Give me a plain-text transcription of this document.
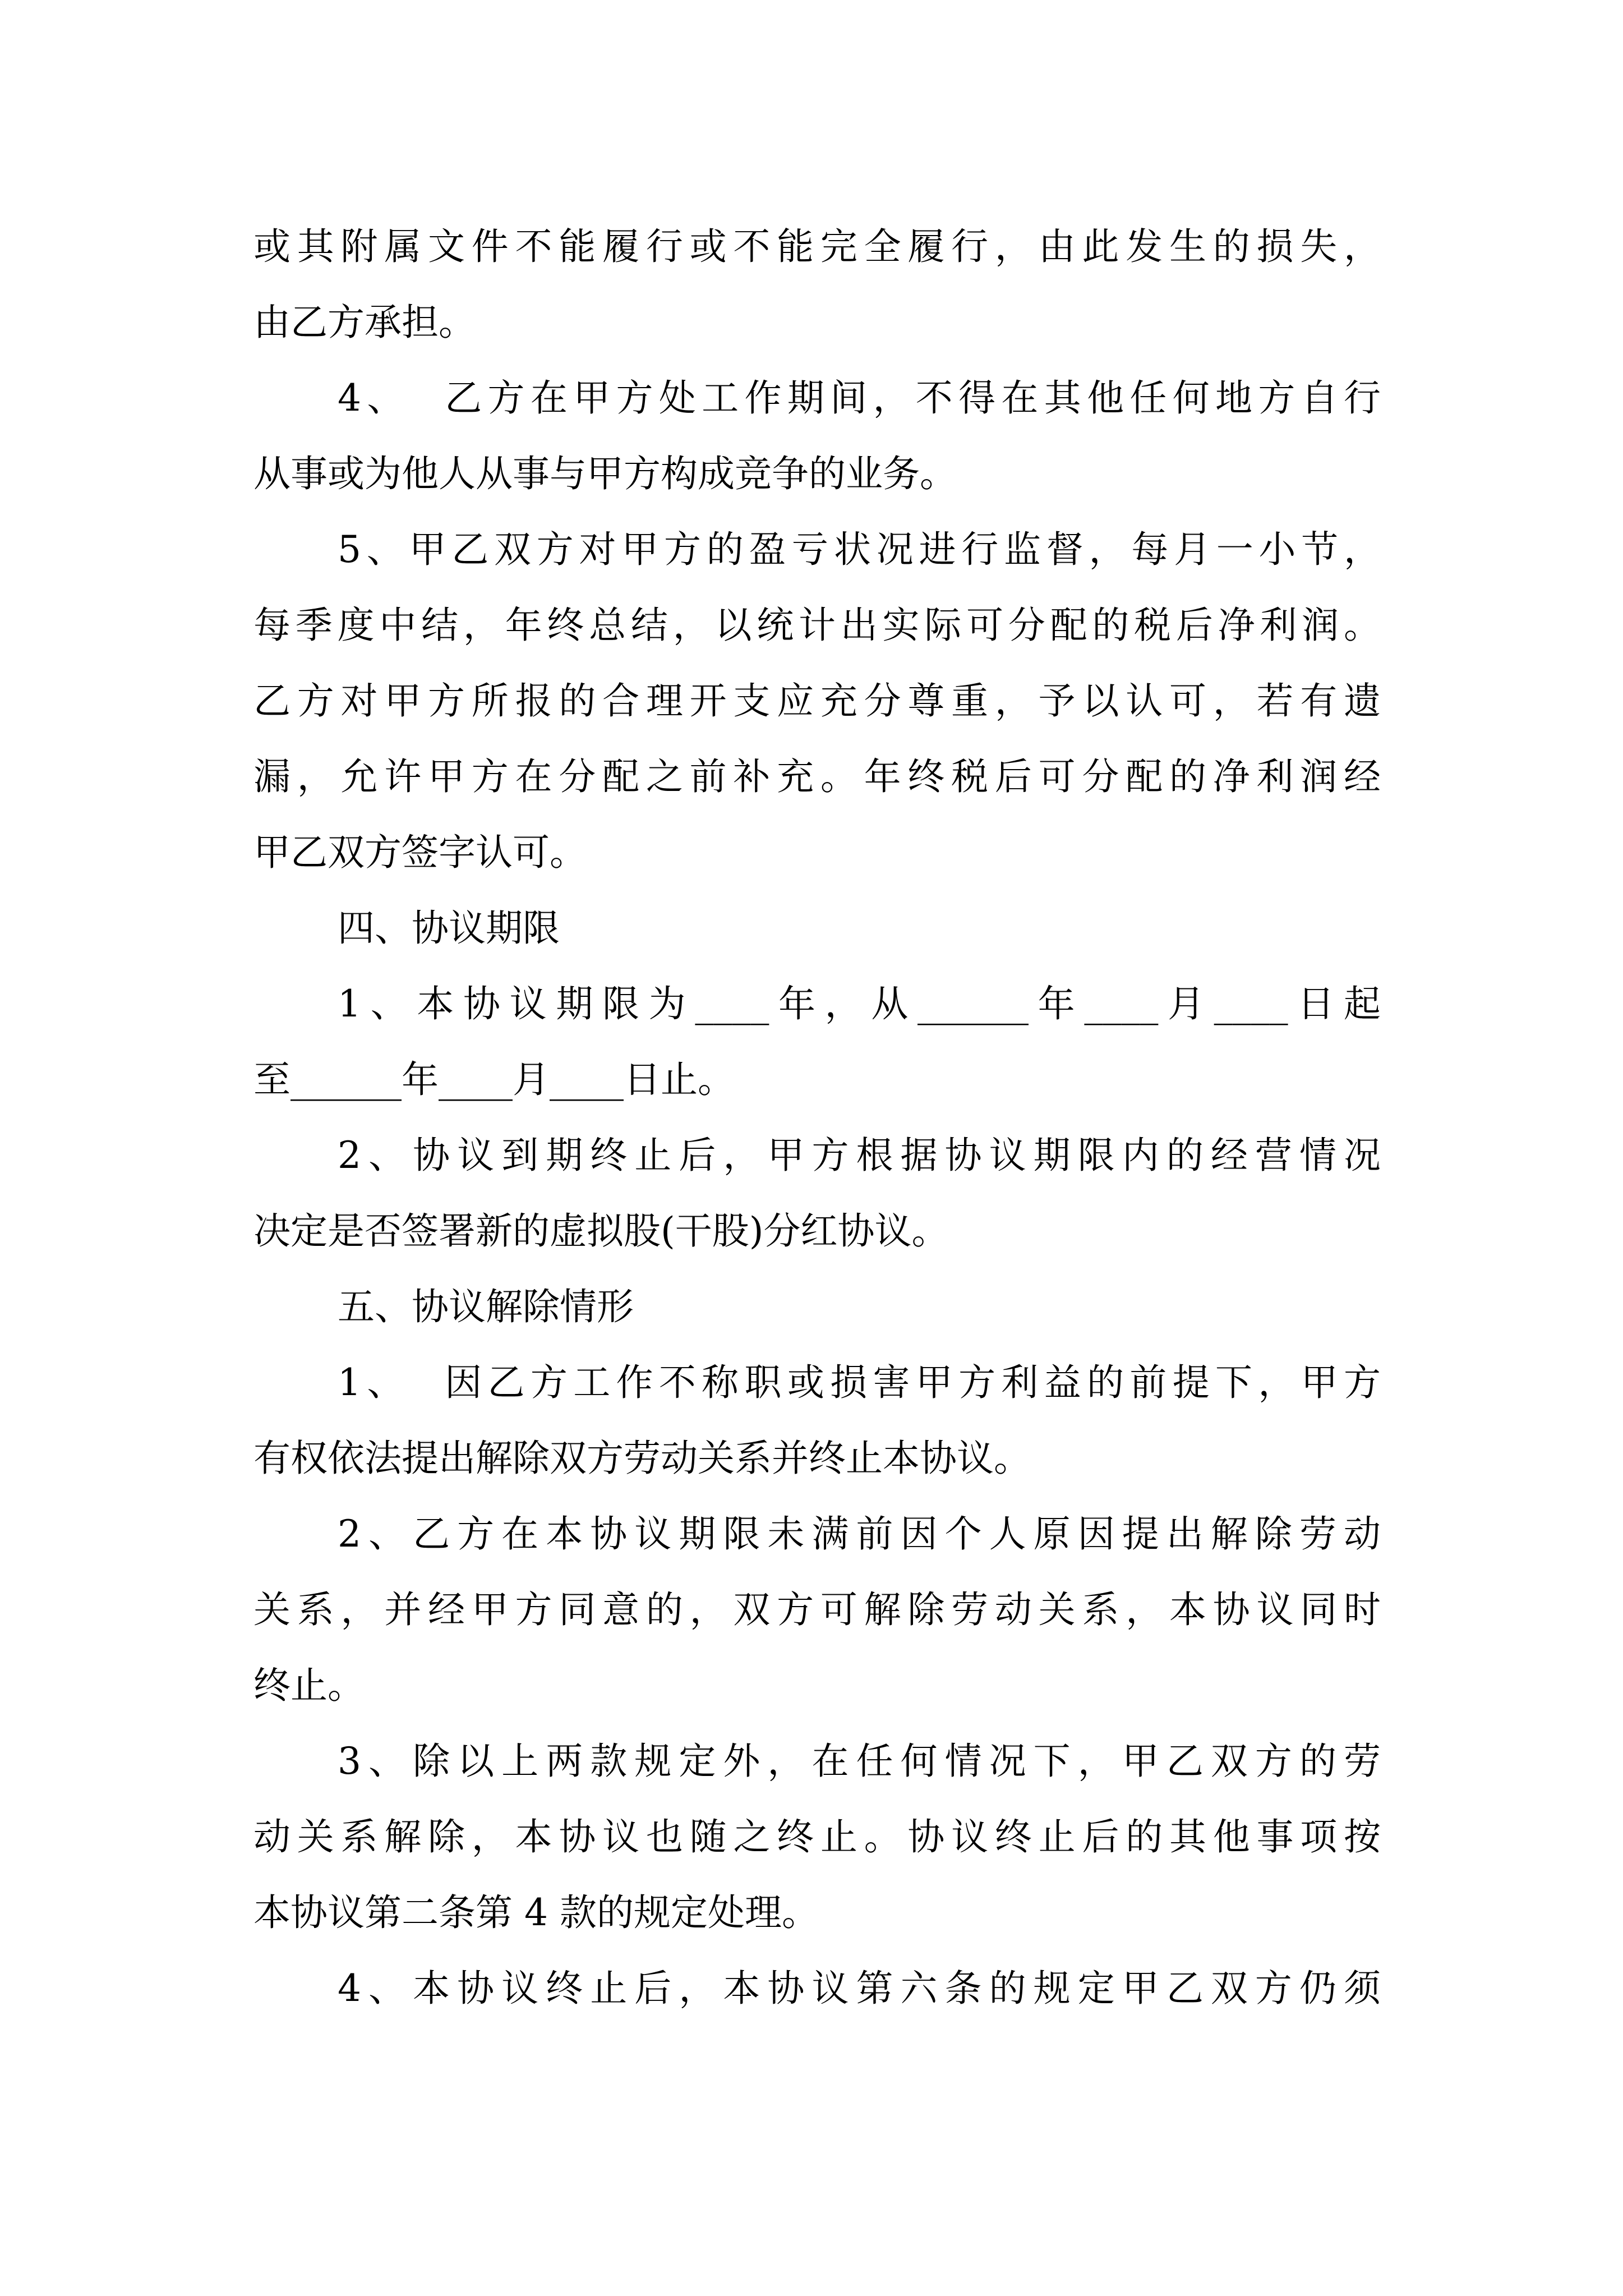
或其附属文件不能履行或不能完全履行，由此发生的损失，
由乙方承担。
4、  乙方在甲方处工作期间，不得在其他任何地方自行
从事或为他人从事与甲方构成竞争的业务。
5、甲乙双方对甲方的盈亏状况进行监督，每月一小节，
每季度中结，年终总结，以统计出实际可分配的税后净利润。
乙方对甲方所报的合理开支应充分尊重，予以认可，若有遗
漏，允许甲方在分配之前补充。年终税后可分配的净利润经
甲乙双方签字认可。
四、协议期限
1、本协议期限为____年，从______年____月____日起
至______年____月____日止。
2、协议到期终止后，甲方根据协议期限内的经营情况
决定是否签署新的虚拟股(干股)分红协议。
五、协议解除情形
1、  因乙方工作不称职或损害甲方利益的前提下，甲方
有权依法提出解除双方劳动关系并终止本协议。
2、乙方在本协议期限未满前因个人原因提出解除劳动
关系，并经甲方同意的，双方可解除劳动关系，本协议同时
终止。
3、除以上两款规定外，在任何情况下，甲乙双方的劳
动关系解除，本协议也随之终止。协议终止后的其他事项按
本协议第二条第 4 款的规定处理。
4、本协议终止后，本协议第六条的规定甲乙双方仍须
